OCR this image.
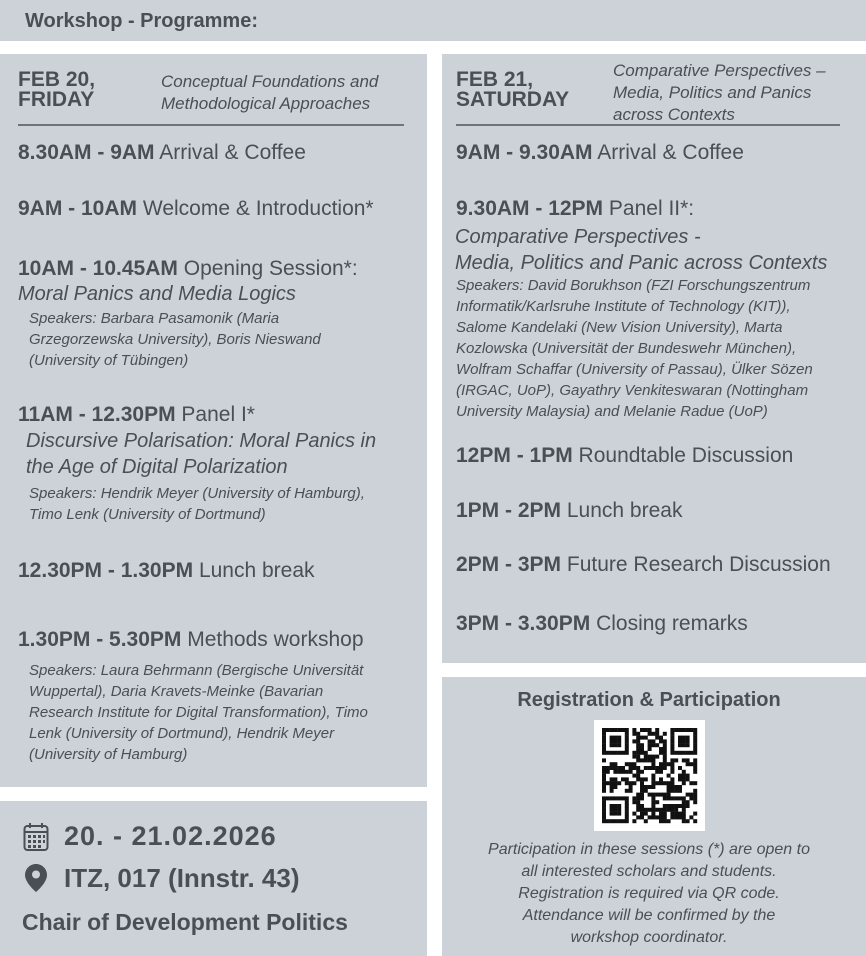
Workshop - Programme:
FEB 20,
FRIDAY
Conceptual Foundations and
Methodological Approaches
8.30AM - 9AM Arrival & Coffee
9AM - 10AM Welcome & Introduction*
10AM - 10.45AM Opening Session*:
Moral Panics and Media Logics
Speakers: Barbara Pasamonik (Maria
Grzegorzewska University), Boris Nieswand
(University of Tübingen)
11AM - 12.30PM Panel I*
Discursive Polarisation: Moral Panics in
the Age of Digital Polarization
Speakers: Hendrik Meyer (University of Hamburg),
Timo Lenk (University of Dortmund)
12.30PM - 1.30PM Lunch break
1.30PM - 5.30PM Methods workshop
Speakers: Laura Behrmann (Bergische Universität
Wuppertal), Daria Kravets-Meinke (Bavarian
Research Institute for Digital Transformation), Timo
Lenk (University of Dortmund), Hendrik Meyer
(University of Hamburg)
FEB 21,
SATURDAY
Comparative Perspectives –
Media, Politics and Panics
across Contexts
9AM - 9.30AM Arrival & Coffee
9.30AM - 12PM Panel II*:
Comparative Perspectives -
Media, Politics and Panic across Contexts
Speakers: David Borukhson (FZI Forschungszentrum
Informatik/Karlsruhe Institute of Technology (KIT)),
Salome Kandelaki (New Vision University), Marta
Kozlowska (Universität der Bundeswehr München),
Wolfram Schaffar (University of Passau), Ülker Sözen
(IRGAC, UoP), Gayathry Venkiteswaran (Nottingham
University Malaysia) and Melanie Radue (UoP)
12PM - 1PM Roundtable Discussion
1PM - 2PM Lunch break
2PM - 3PM Future Research Discussion
3PM - 3.30PM Closing remarks
20. - 21.02.2026
ITZ, 017 (Innstr. 43)
Chair of Development Politics
Registration & Participation
Participation in these sessions (*) are open to
all interested scholars and students.
Registration is required via QR code.
Attendance will be confirmed by the
workshop coordinator.
